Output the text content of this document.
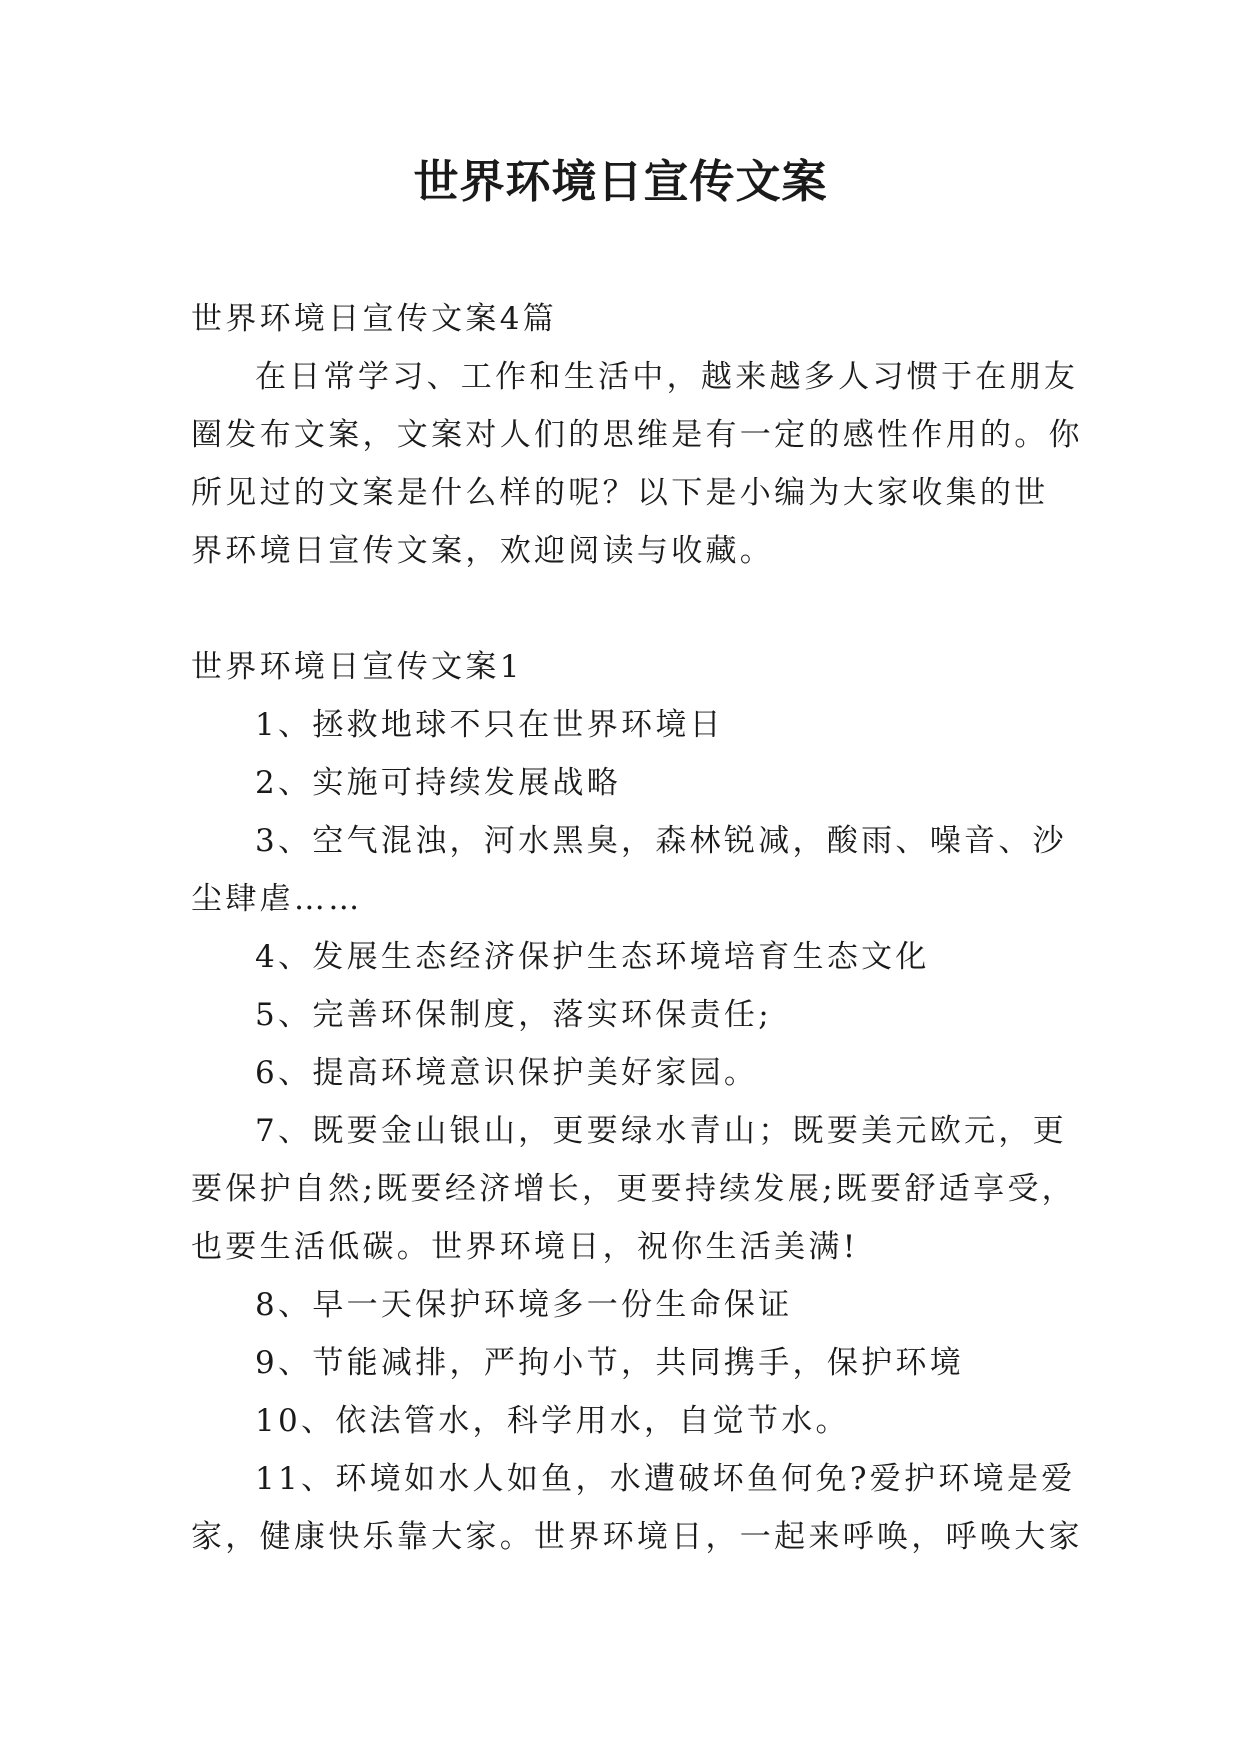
世界环境日宣传文案

世界环境日宣传文案4篇

在日常学习、工作和生活中，越来越多人习惯于在朋友

圈发布文案，文案对人们的思维是有一定的感性作用的。你

所见过的文案是什么样的呢？以下是小编为大家收集的世

界环境日宣传文案，欢迎阅读与收藏。

世界环境日宣传文案1

1、拯救地球不只在世界环境日

2、实施可持续发展战略

3、空气混浊，河水黑臭，森林锐减，酸雨、噪音、沙

尘肆虐……

4、发展生态经济保护生态环境培育生态文化

5、完善环保制度，落实环保责任;

6、提高环境意识保护美好家园。

7、既要金山银山，更要绿水青山；既要美元欧元，更

要保护自然;既要经济增长，更要持续发展;既要舒适享受，

也要生活低碳。世界环境日，祝你生活美满!

8、早一天保护环境多一份生命保证

9、节能减排，严拘小节，共同携手，保护环境

10、依法管水，科学用水，自觉节水。

11、环境如水人如鱼，水遭破坏鱼何免?爱护环境是爱

家，健康快乐靠大家。世界环境日，一起来呼唤，呼唤大家
